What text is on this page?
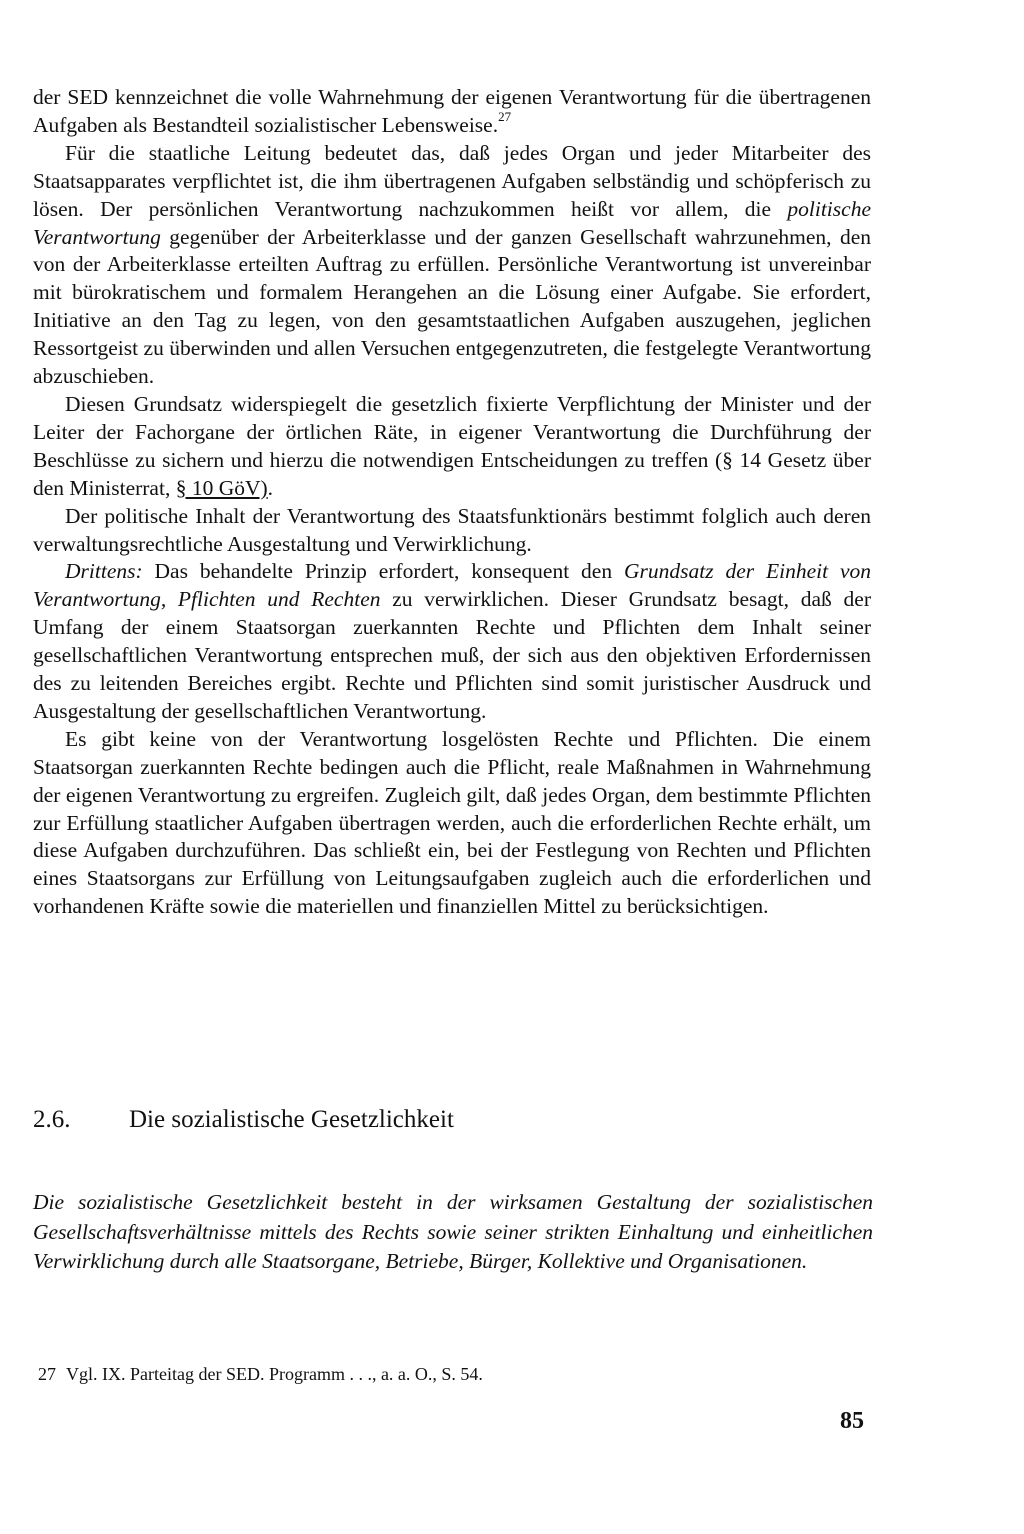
der SED kennzeichnet die volle Wahrnehmung der eigenen Verantwortung für die übertragenen Aufgaben als Bestandteil sozialistischer Lebensweise.$^{27}$

Für die staatliche Leitung bedeutet das, daß jedes Organ und jeder Mitarbeiter des Staatsapparates verpflichtet ist, die ihm übertragenen Aufgaben selbständig und schöpferisch zu lösen. Der persönlichen Verantwortung nachzukommen heißt vor allem, die politische Verantwortung gegenüber der Arbeiterklasse und der ganzen Gesellschaft wahrzunehmen, den von der Arbeiterklasse erteilten Auftrag zu erfüllen. Persönliche Verantwortung ist unvereinbar mit bürokratischem und formalem Herangehen an die Lösung einer Aufgabe. Sie erfordert, Initiative an den Tag zu legen, von den gesamtstaatlichen Aufgaben auszugehen, jeglichen Ressortgeist zu überwinden und allen Versuchen entgegenzutreten, die festgelegte Verantwortung abzuschieben.

Diesen Grundsatz widerspiegelt die gesetzlich fixierte Verpflichtung der Minister und der Leiter der Fachorgane der örtlichen Räte, in eigener Verantwortung die Durchführung der Beschlüsse zu sichern und hierzu die notwendigen Entscheidungen zu treffen (§ 14 Gesetz über den Ministerrat, § 10 GöV).

Der politische Inhalt der Verantwortung des Staatsfunktionärs bestimmt folglich auch deren verwaltungsrechtliche Ausgestaltung und Verwirklichung.

Drittens: Das behandelte Prinzip erfordert, konsequent den Grundsatz der Einheit von Verantwortung, Pflichten und Rechten zu verwirklichen. Dieser Grundsatz besagt, daß der Umfang der einem Staatsorgan zuerkannten Rechte und Pflichten dem Inhalt seiner gesellschaftlichen Verantwortung entsprechen muß, der sich aus den objektiven Erfordernissen des zu leitenden Bereiches ergibt. Rechte und Pflichten sind somit juristischer Ausdruck und Ausgestaltung der gesellschaftlichen Verantwortung.

Es gibt keine von der Verantwortung losgelösten Rechte und Pflichten. Die einem Staatsorgan zuerkannten Rechte bedingen auch die Pflicht, reale Maßnahmen in Wahrnehmung der eigenen Verantwortung zu ergreifen. Zugleich gilt, daß jedes Organ, dem bestimmte Pflichten zur Erfüllung staatlicher Aufgaben übertragen werden, auch die erforderlichen Rechte erhält, um diese Aufgaben durchzuführen. Das schließt ein, bei der Festlegung von Rechten und Pflichten eines Staatsorgans zur Erfüllung von Leitungsaufgaben zugleich auch die erforderlichen und vorhandenen Kräfte sowie die materiellen und finanziellen Mittel zu berücksichtigen.

2.6.	Die sozialistische Gesetzlichkeit

Die sozialistische Gesetzlichkeit besteht in der wirksamen Gestaltung der sozialistischen Gesellschaftsverhältnisse mittels des Rechts sowie seiner strikten Einhaltung und einheitlichen Verwirklichung durch alle Staatsorgane, Betriebe, Bürger, Kollektive und Organisationen.

27 Vgl. IX. Parteitag der SED. Programm . . ., a. a. O., S. 54.

85
